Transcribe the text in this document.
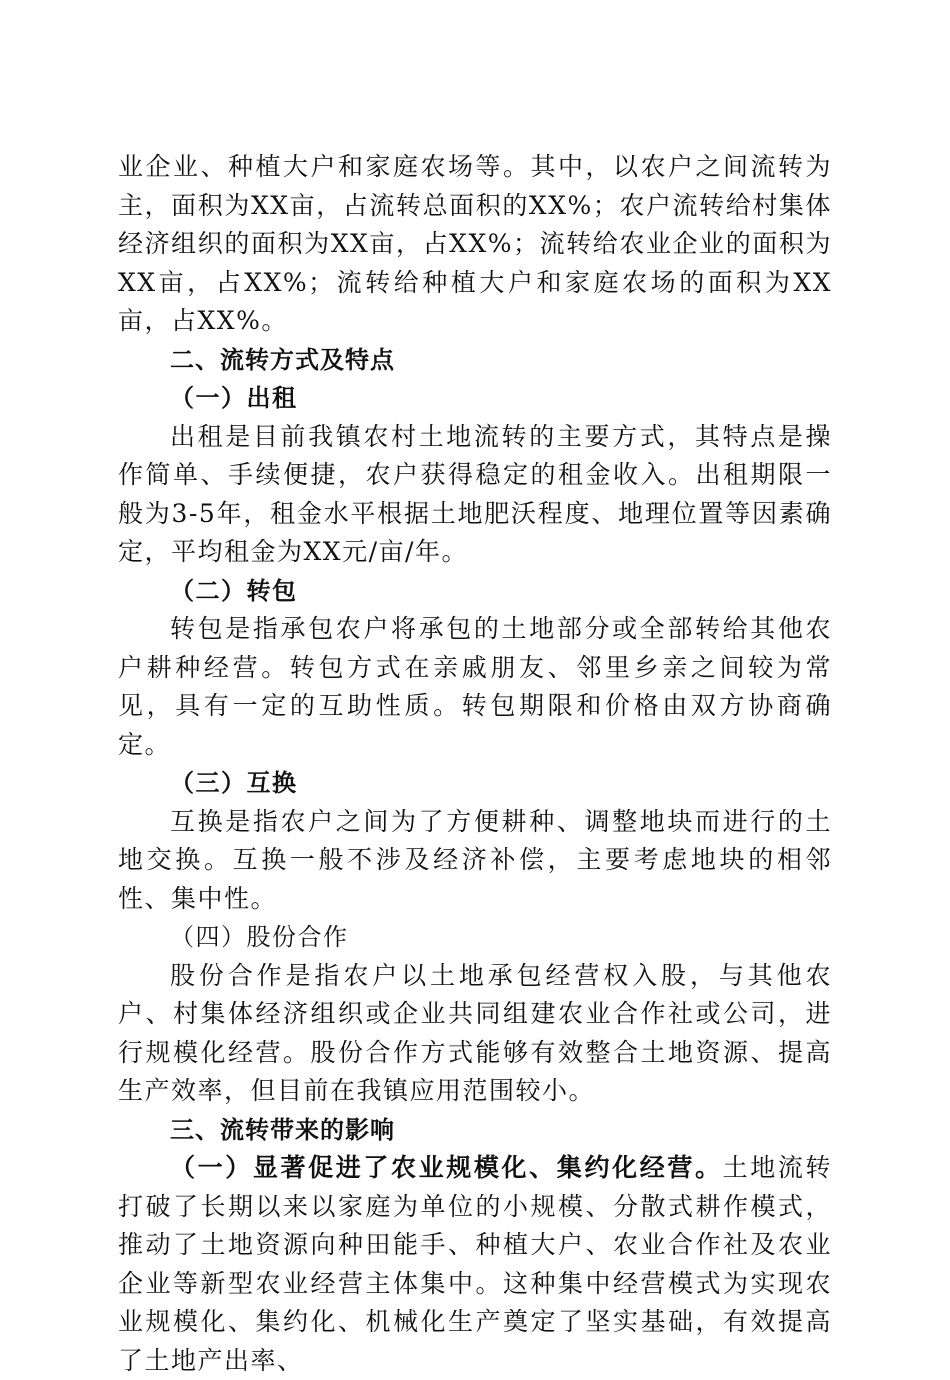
业企业、种植大户和家庭农场等。其中，以农户之间流转为主，面积为XX亩，占流转总面积的XX%；农户流转给村集体经济组织的面积为XX亩，占XX%；流转给农业企业的面积为XX亩，占XX%；流转给种植大户和家庭农场的面积为XX亩，占XX%。

二、流转方式及特点

（一）出租

出租是目前我镇农村土地流转的主要方式，其特点是操作简单、手续便捷，农户获得稳定的租金收入。出租期限一般为3-5年，租金水平根据土地肥沃程度、地理位置等因素确定，平均租金为XX元/亩/年。

（二）转包

转包是指承包农户将承包的土地部分或全部转给其他农户耕种经营。转包方式在亲戚朋友、邻里乡亲之间较为常见，具有一定的互助性质。转包期限和价格由双方协商确定。

（三）互换

互换是指农户之间为了方便耕种、调整地块而进行的土地交换。互换一般不涉及经济补偿，主要考虑地块的相邻性、集中性。

（四）股份合作

股份合作是指农户以土地承包经营权入股，与其他农户、村集体经济组织或企业共同组建农业合作社或公司，进行规模化经营。股份合作方式能够有效整合土地资源、提高生产效率，但目前在我镇应用范围较小。

三、流转带来的影响

（一）显著促进了农业规模化、集约化经营。土地流转打破了长期以来以家庭为单位的小规模、分散式耕作模式，推动了土地资源向种田能手、种植大户、农业合作社及农业企业等新型农业经营主体集中。这种集中经营模式为实现农业规模化、集约化、机械化生产奠定了坚实基础，有效提高了土地产出率、
